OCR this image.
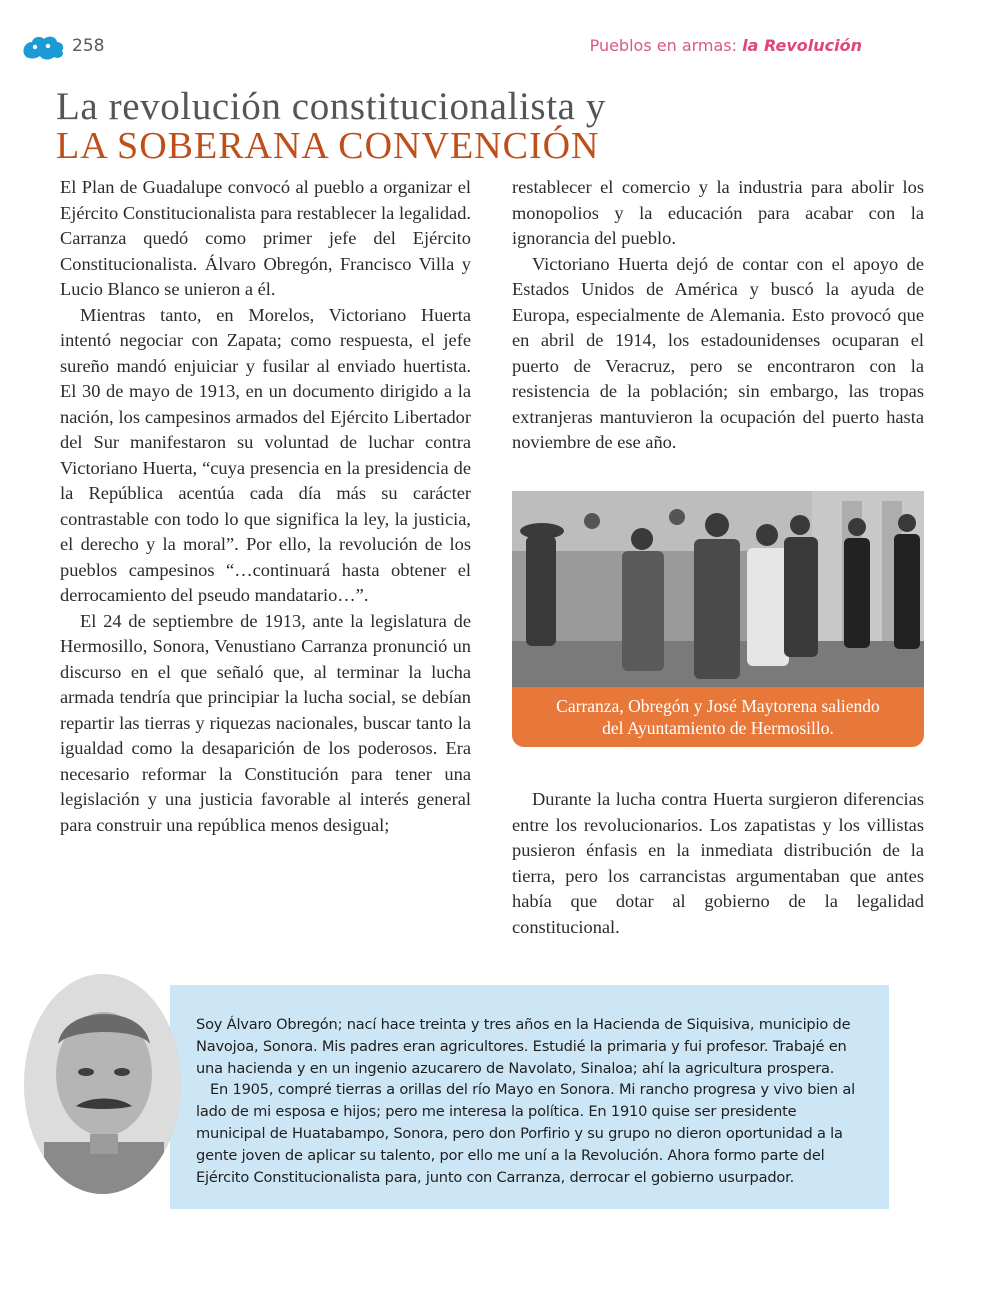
258	Pueblos en armas: la Revolución
La revolución constitucionalista y
LA SOBERANA CONVENCIÓN

El Plan de Guadalupe convocó al pueblo a organizar el Ejército Constitucionalista para restablecer la legalidad. Carranza quedó como primer jefe del Ejército Constitucionalista. Álvaro Obregón, Francisco Villa y Lucio Blanco se unieron a él.

Mientras tanto, en Morelos, Victoriano Huerta intentó negociar con Zapata; como respuesta, el jefe sureño mandó enjuiciar y fusilar al enviado huertista. El 30 de mayo de 1913, en un documento dirigido a la nación, los campesinos armados del Ejército Libertador del Sur manifestaron su voluntad de luchar contra Victoriano Huerta, “cuya presencia en la presidencia de la República acentúa cada día más su carácter contrastable con todo lo que significa la ley, la justicia, el derecho y la moral”. Por ello, la revolución de los pueblos campesinos “…continuará hasta obtener el derrocamiento del pseudo mandatario…”.

El 24 de septiembre de 1913, ante la legislatura de Hermosillo, Sonora, Venustiano Carranza pronunció un discurso en el que señaló que, al terminar la lucha armada tendría que principiar la lucha social, se debían repartir las tierras y riquezas nacionales, buscar tanto la igualdad como la desaparición de los poderosos. Era necesario reformar la Constitución para tener una legislación y una justicia favorable al interés general para construir una república menos desigual;

restablecer el comercio y la industria para abolir los monopolios y la educación para acabar con la ignorancia del pueblo.

Victoriano Huerta dejó de contar con el apoyo de Estados Unidos de América y buscó la ayuda de Europa, especialmente de Alemania. Esto provocó que en abril de 1914, los estadounidenses ocuparan el puerto de Veracruz, pero se encontraron con la resistencia de la población; sin embargo, las tropas extranjeras mantuvieron la ocupación del puerto hasta noviembre de ese año.

Carranza, Obregón y José Maytorena saliendo
del Ayuntamiento de Hermosillo.

Durante la lucha contra Huerta surgieron diferencias entre los revolucionarios. Los zapatistas y los villistas pusieron énfasis en la inmediata distribución de la tierra, pero los carrancistas argumentaban que antes había que dotar al gobierno de la legalidad constitucional.

Soy Álvaro Obregón; nací hace treinta y tres años en la Hacienda de Siquisiva, municipio de Navojoa, Sonora. Mis padres eran agricultores. Estudié la primaria y fui profesor. Trabajé en una hacienda y en un ingenio azucarero de Navolato, Sinaloa; ahí la agricultura prospera.

En 1905, compré tierras a orillas del río Mayo en Sonora. Mi rancho progresa y vivo bien al lado de mi esposa e hijos; pero me interesa la política. En 1910 quise ser presidente municipal de Huatabampo, Sonora, pero don Porfirio y su grupo no dieron oportunidad a la gente joven de aplicar su talento, por ello me uní a la Revolución. Ahora formo parte del Ejército Constitucionalista para, junto con Carranza, derrocar el gobierno usurpador.
